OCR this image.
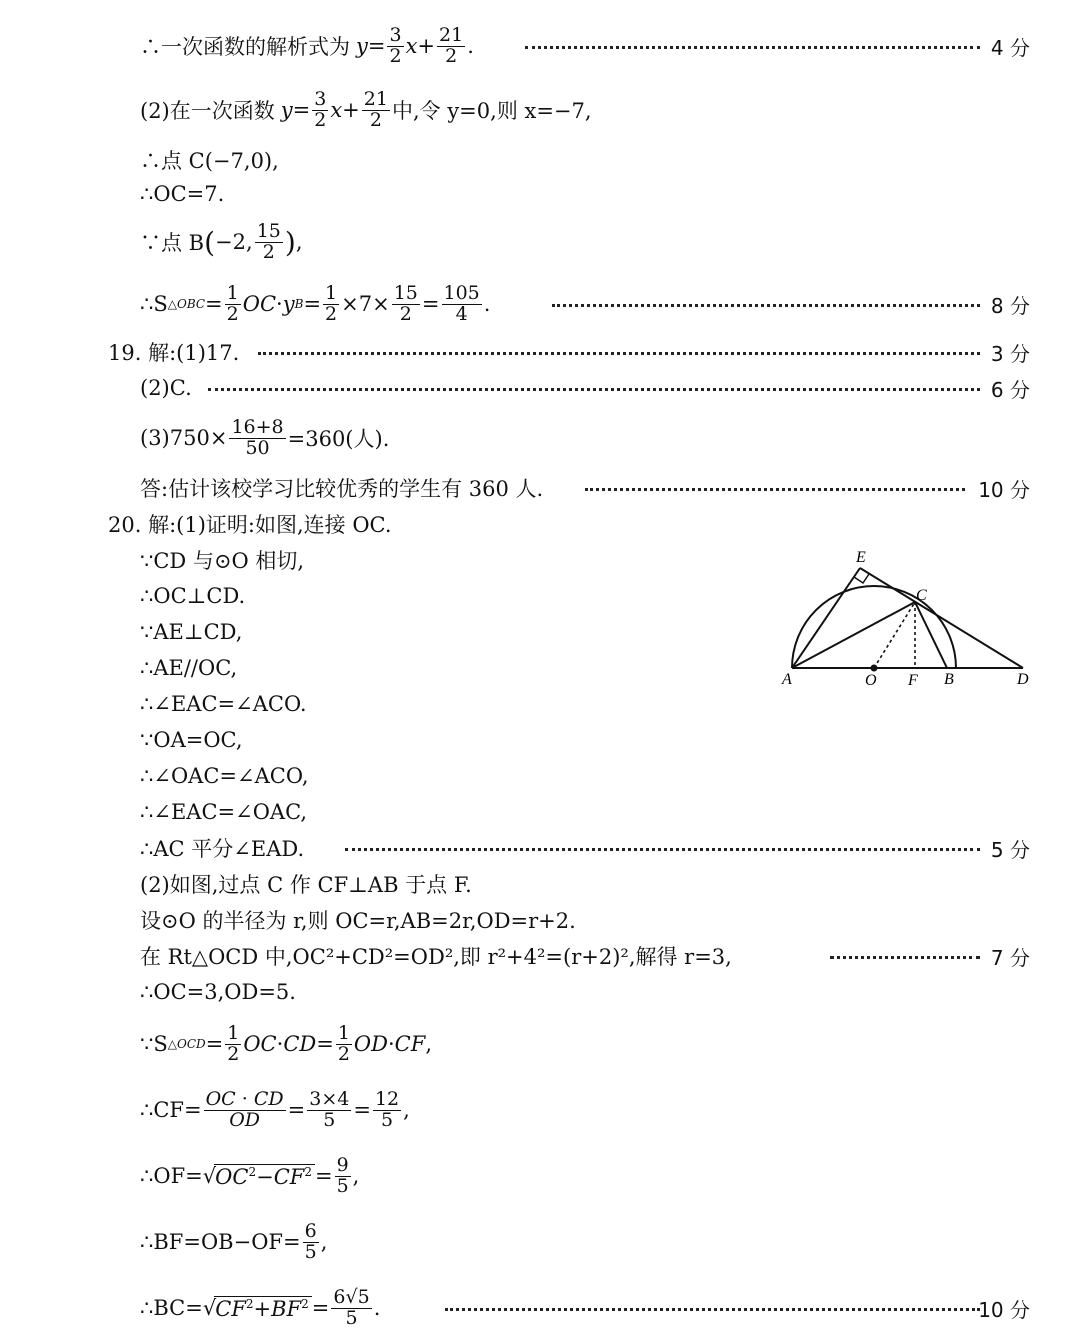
∴一次函数的解析式为 $y= \frac{3}{2}$ $x + \frac{21}{2}$ .	4 分
(2)在一次函数 $y= \frac{3}{2}$ $x + \frac{21}{2}$ 中,令 y=0,则 x=−7,
∴点 C(−7,0),
∴OC=7.
∵点 B ( −2, $\frac{15}{2}$ ) ,
∴S △OBC = $\frac{1}{2}$ OC · y $B = \frac{1}{2} \times 7\times \frac{15}{2} = \frac{105}{4}$ .	8 分
19. 解:(1)17.	3 分
(2)C.	6 分
$(3)750\times \frac{16+8}{50} =360$(人).
答:估计该校学习比较优秀的学生有 360 人.	10 分
20. 解:(1)证明:如图,连接 OC.
∵CD 与⊙O 相切,
∴OC⊥CD.
∵AE⊥CD,
∴AE//OC,
∴∠EAC=∠ACO.
∵OA=OC,
∴∠OAC=∠ACO,
∴∠EAC=∠OAC,
∴AC 平分∠EAD.	5 分
(2)如图,过点 C 作 CF⊥AB 于点 F.
设⊙O 的半径为 r,则 OC=r,AB=2r,OD=r+2.
在 Rt△OCD 中,OC²+CD²=OD²,即 r²+4²=(r+2)²,解得 r=3,	7 分
∴OC=3,OD=5.
∵S △OCD = $\frac{1}{2}$ OC · CD = $\frac{1}{2}$ OD · CF ,
∴CF= $\frac{OC \cdot CD}{OD} = \frac{3\times 4}{5} = \frac{12}{5}$ ,
∴OF= √ $OC^2-CF^2 = \frac{9}{5}$ ,
∴BF=OB−OF= $\frac{6}{5}$ ,
∴BC= √ $CF^2+BF^2 = \frac{6√5}{5}$ .	10 分
E
C
A	O F B	D
